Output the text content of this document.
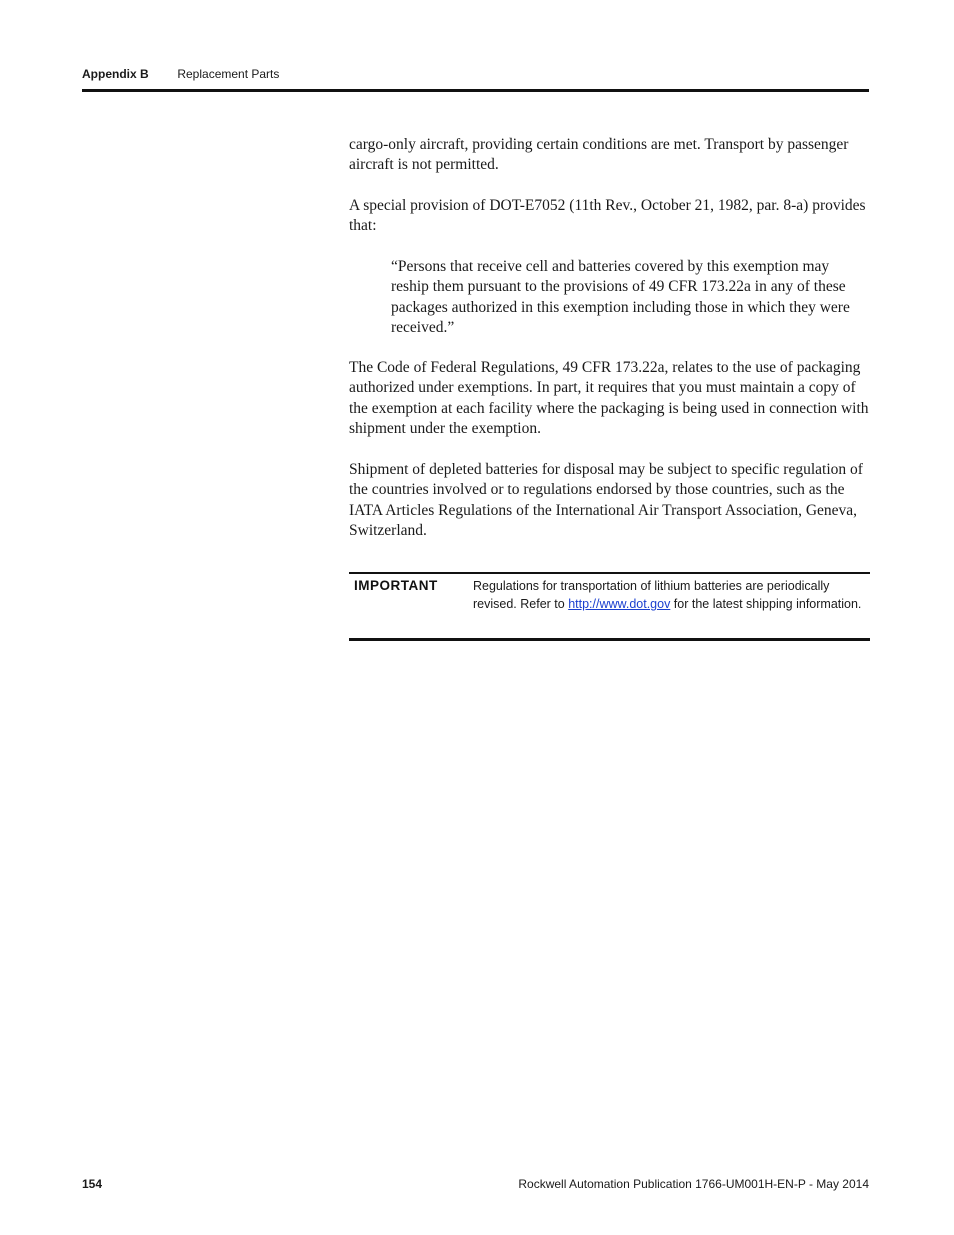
Appendix B Replacement Parts

cargo-only aircraft, providing certain conditions are met. Transport by passenger aircraft is not permitted.

A special provision of DOT-E7052 (11th Rev., October 21, 1982, par. 8-a) provides that:

“Persons that receive cell and batteries covered by this exemption may reship them pursuant to the provisions of 49 CFR 173.22a in any of these packages authorized in this exemption including those in which they were received.”

The Code of Federal Regulations, 49 CFR 173.22a, relates to the use of packaging authorized under exemptions. In part, it requires that you must maintain a copy of the exemption at each facility where the packaging is being used in connection with shipment under the exemption.

Shipment of depleted batteries for disposal may be subject to specific regulation of the countries involved or to regulations endorsed by those countries, such as the IATA Articles Regulations of the International Air Transport Association, Geneva, Switzerland.

IMPORTANT	Regulations for transportation of lithium batteries are periodically revised. Refer to http://www.dot.gov for the latest shipping information.
154	Rockwell Automation Publication 1766-UM001H-EN-P - May 2014
